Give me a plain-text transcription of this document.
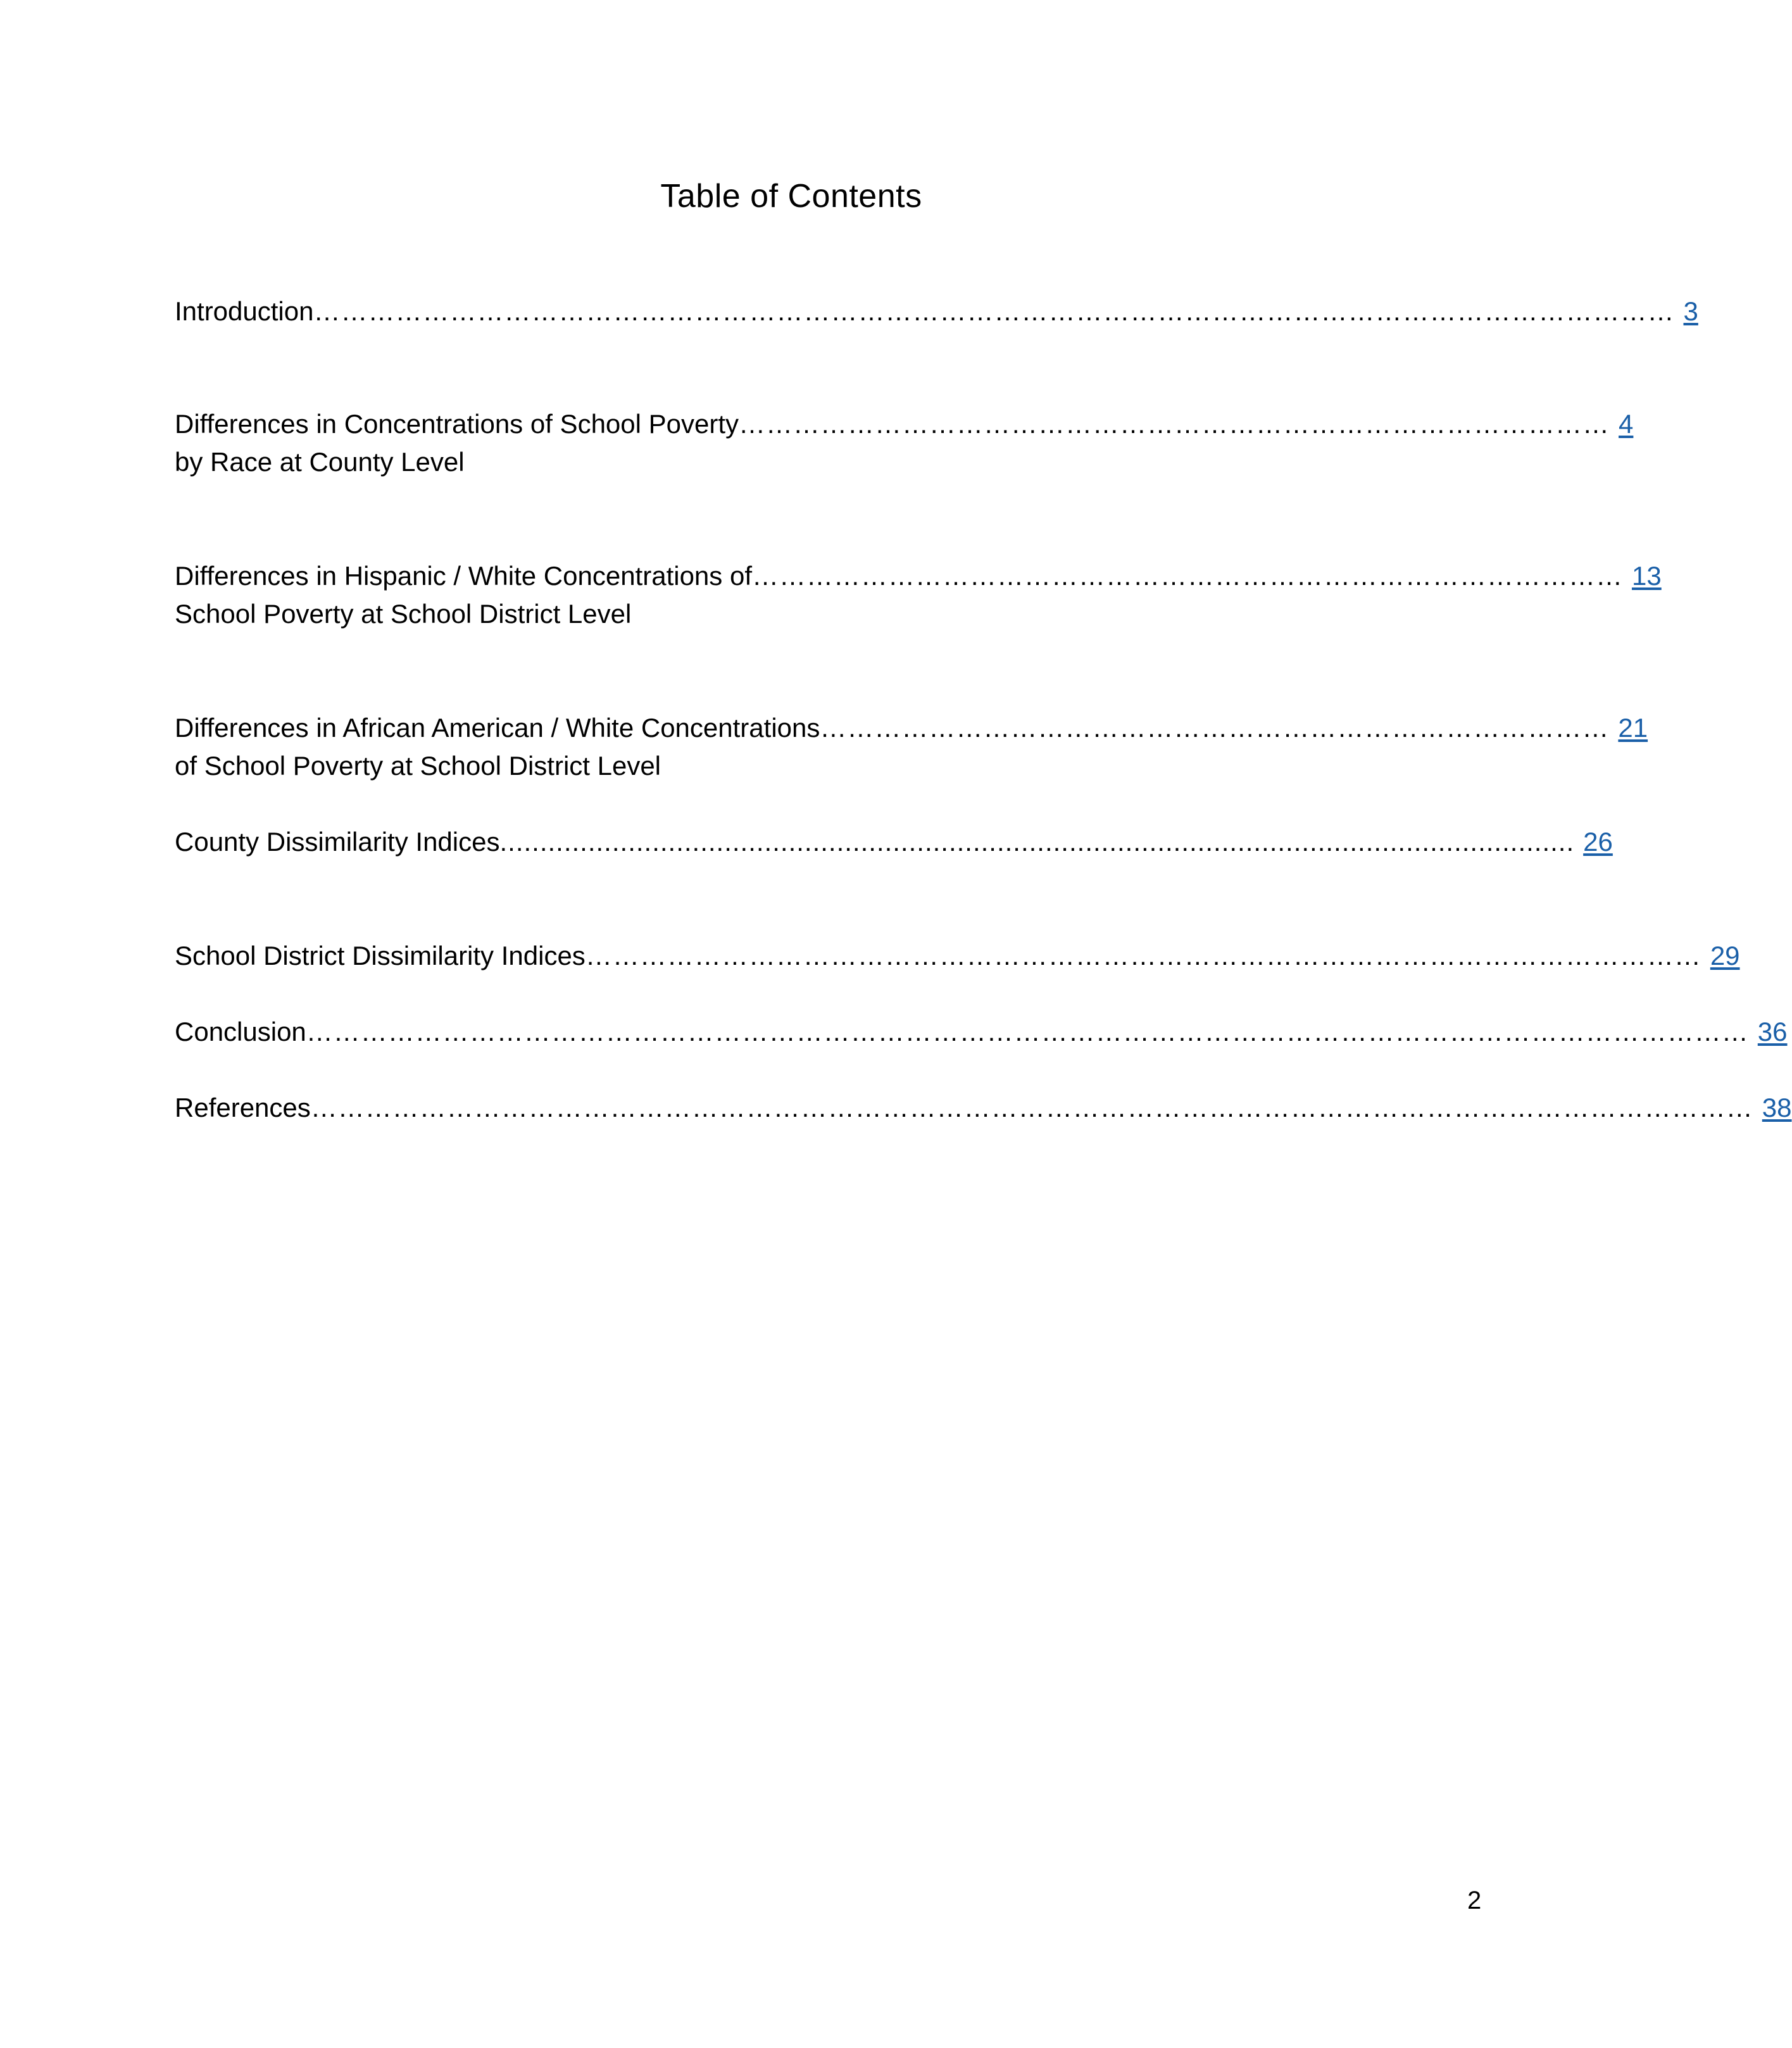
Table of Contents
Introduction …………………………………………………………………………………………………………………………………… 3
Differences in Concentrations of School Poverty …………………………………………………………………………………… 4
by Race at County Level
Differences in Hispanic / White Concentrations of …………………………………………………………………………………… 13
School Poverty at School District Level
Differences in African American / White Concentrations …………………………………………………………………………… 21
of School Poverty at School District Level
County Dissimilarity Indices ...................................................................................................................................... 26
School District Dissimilarity Indices …………………………………………………………………………………………………………… 29
Conclusion …………………………………………………………………………………………………………………………………………… 36
References …………………………………………………………………………………………………………………………………………… 38
2
